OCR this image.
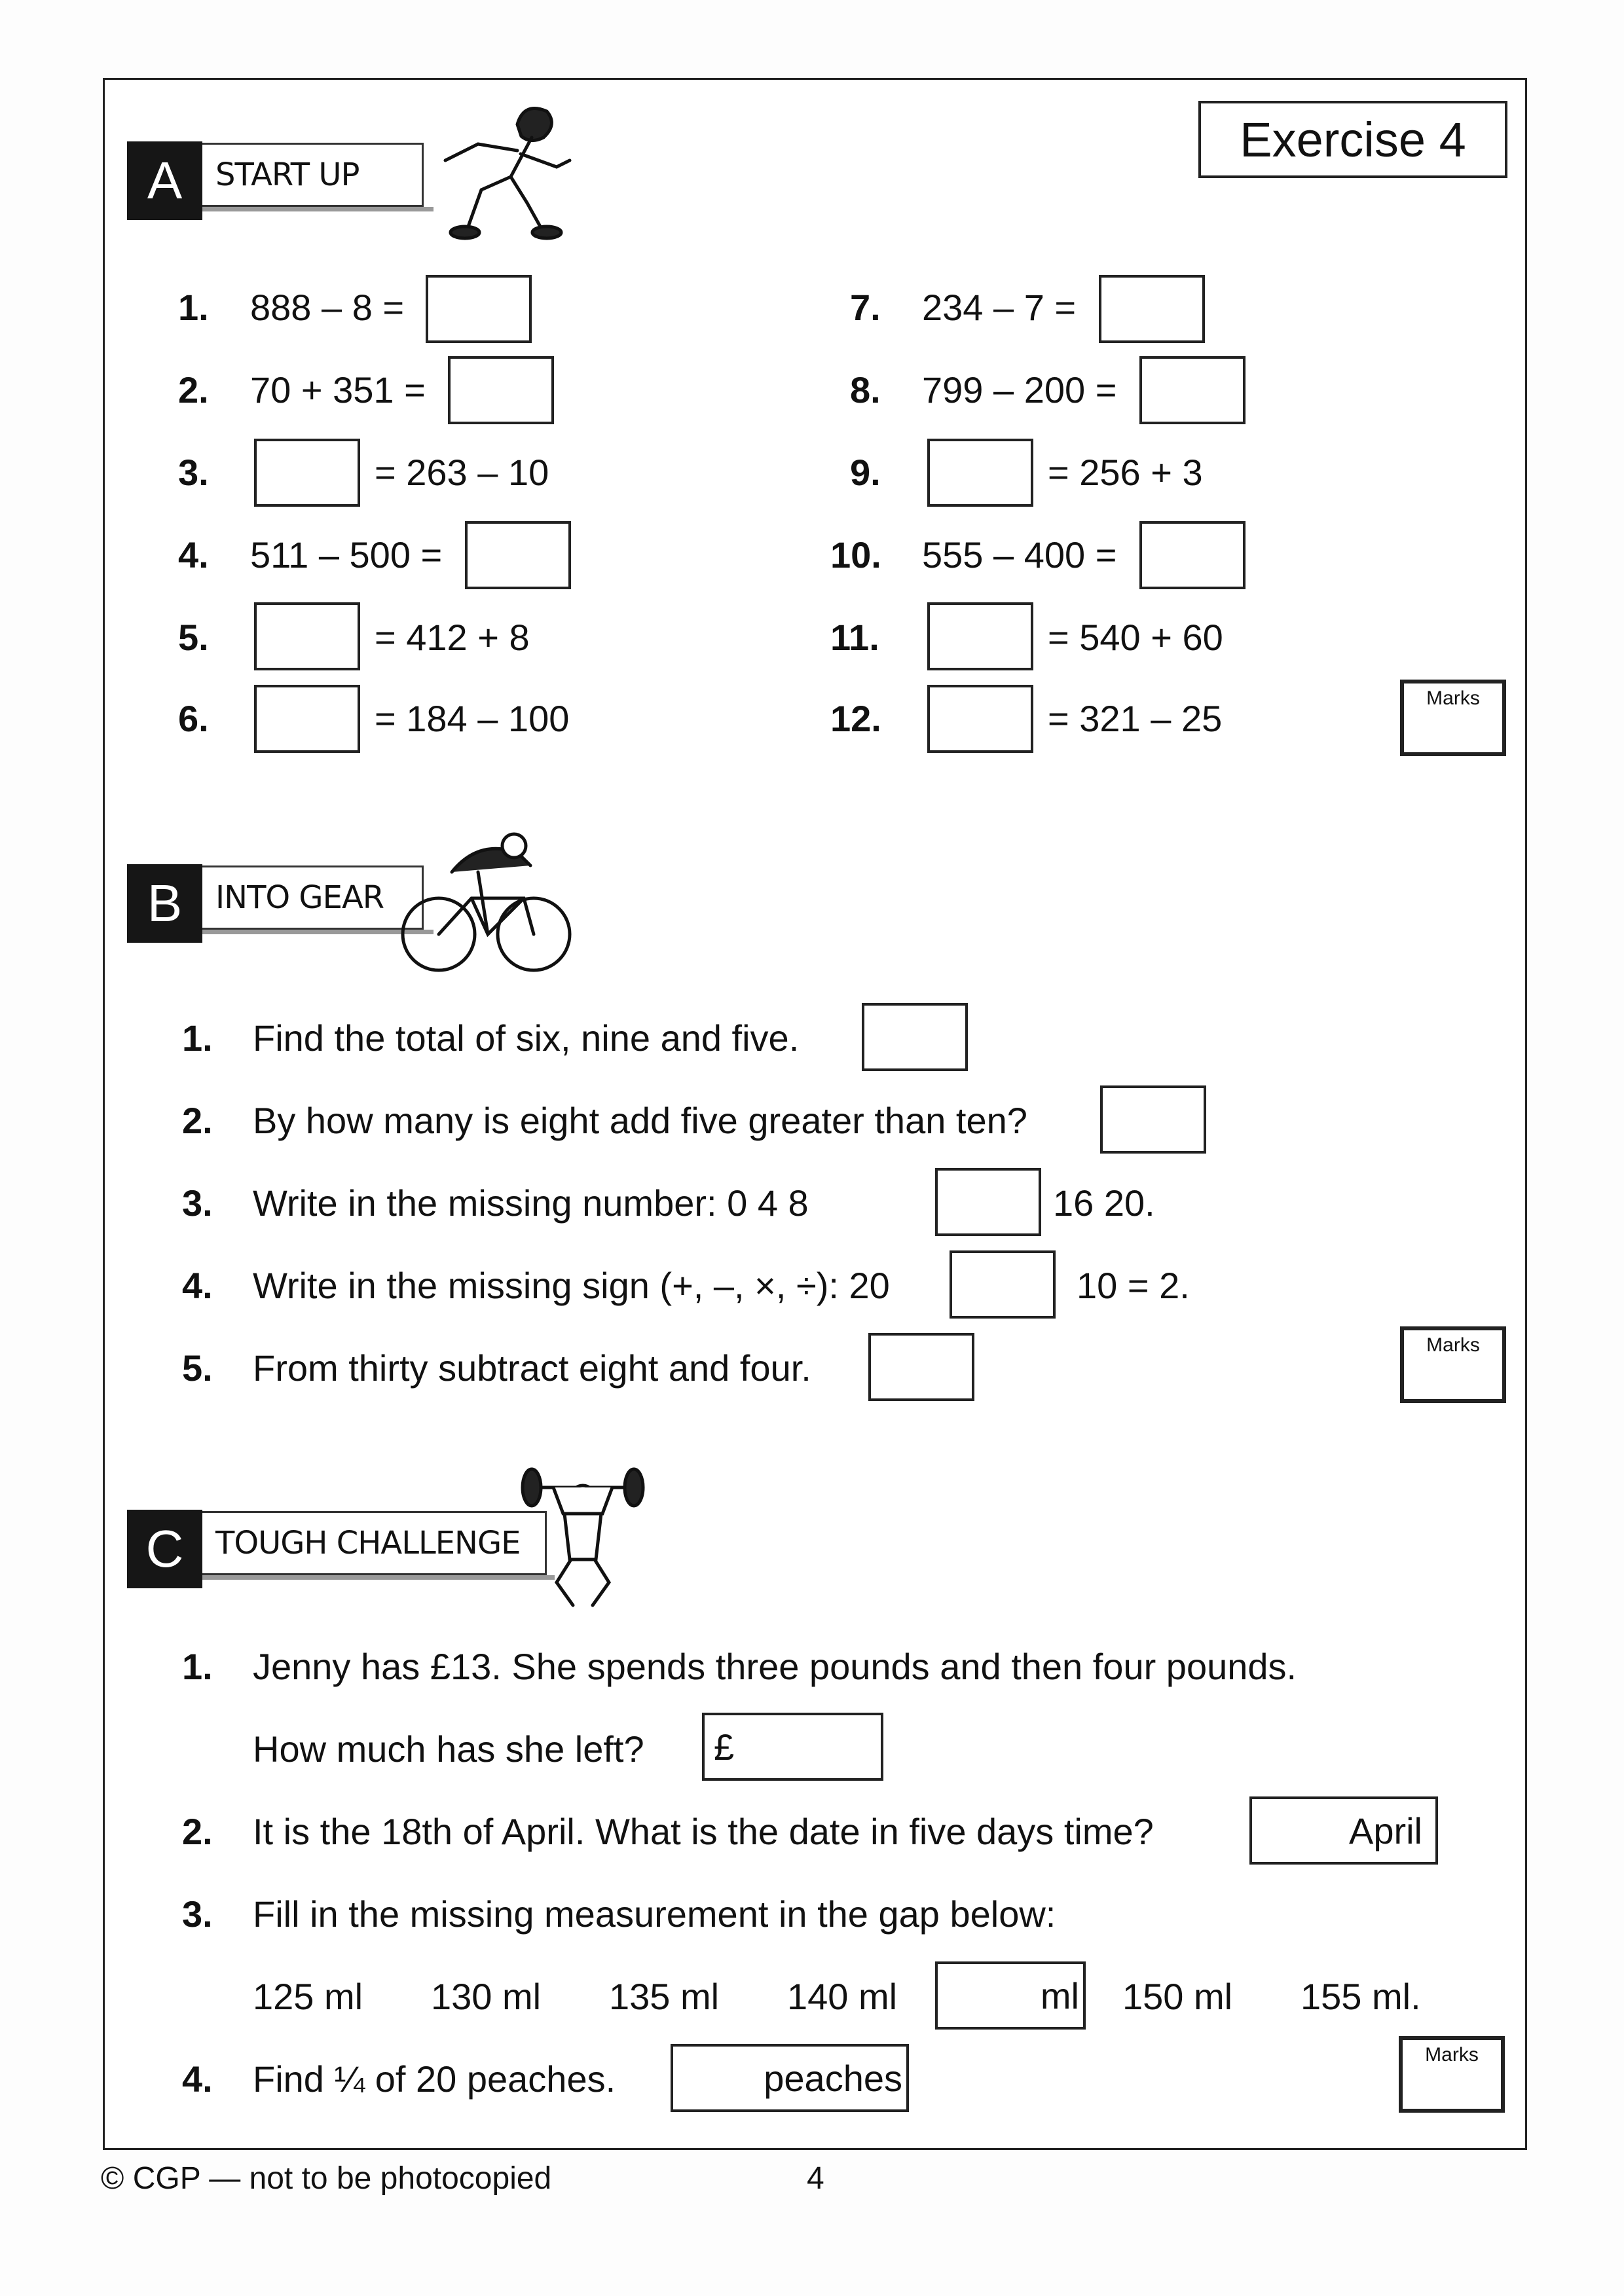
Exercise 4
START UP
A
1. 888 – 8 =
2. 70 + 351 =
3.	= 263 – 10
4. 511 – 500 =
5.	= 412 + 8
6.	= 184 – 100
7. 234 – 7 =
8. 799 – 200 =
9.	= 256 + 3
10. 555 – 400 =
11.	= 540 + 60
12.	= 321 – 25	Marks
INTO GEAR
B
1. Find the total of six, nine and five.
2. By how many is eight add five greater than ten?
3. Write in the missing number: 0 4 8	16 20.
4. Write in the missing sign (+, –, ×, ÷): 20	10 = 2.
5. From thirty subtract eight and four.
Marks
TOUGH CHALLENGE
C
1. Jenny has £13. She spends three pounds and then four pounds.
How much has she left? £
2. It is the 18th of April. What is the date in five days time?	April
3. Fill in the missing measurement in the gap below:
125 ml 130 ml 135 ml 140 ml	ml 150 ml 155 ml.
4. Find ¼ of 20 peaches.	peaches
Marks
© CGP — not to be photocopied	4
